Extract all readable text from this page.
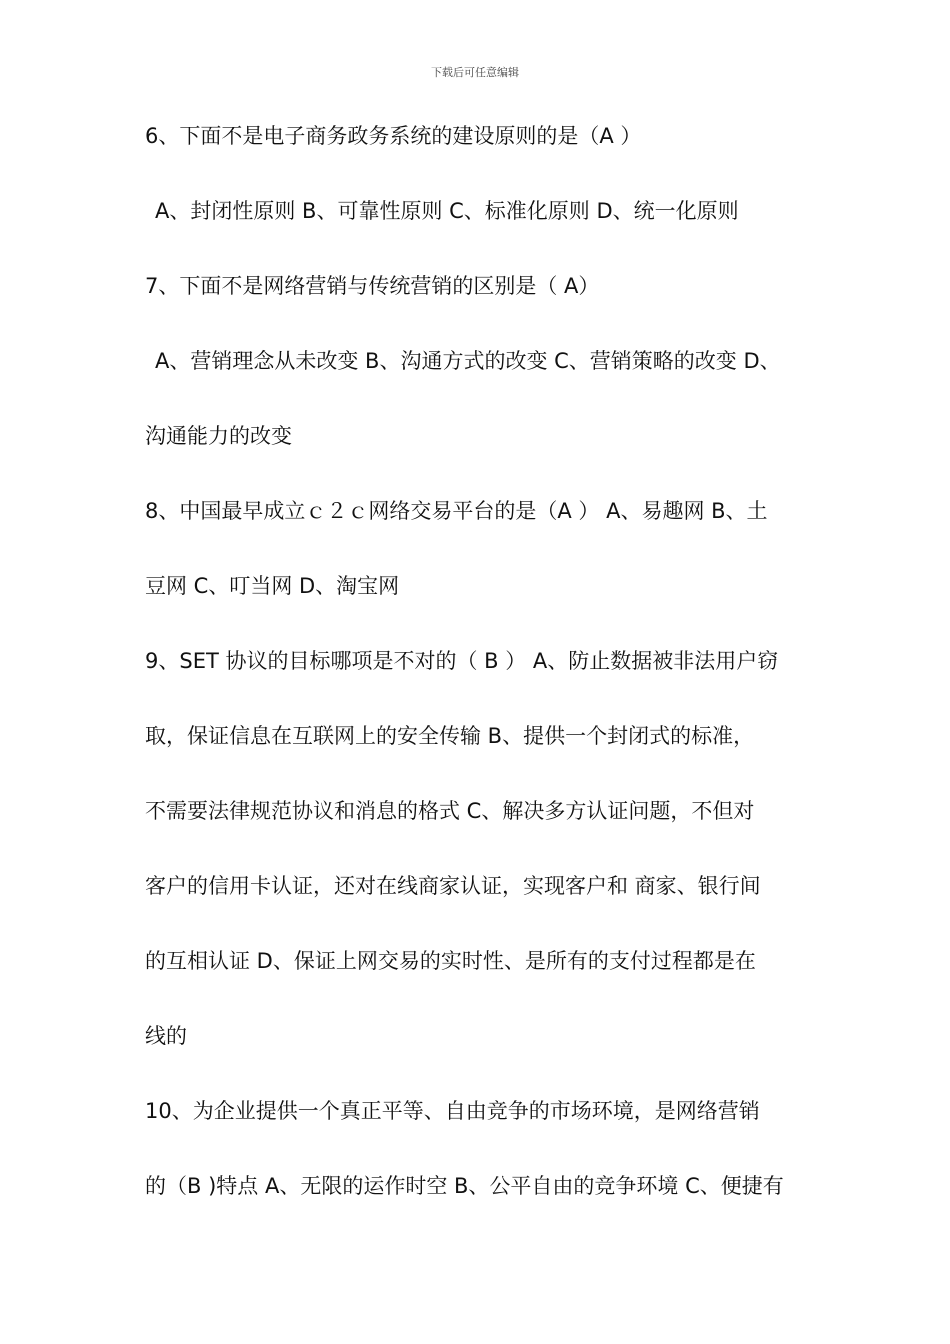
下载后可任意编辑
6、下面不是电子商务政务系统的建设原则的是（A ）
A、封闭性原则 B、可靠性原则 C、标准化原则 D、统一化原则
7、下面不是网络营销与传统营销的区别是（ A）
A、营销理念从未改变 B、沟通方式的改变 C、营销策略的改变 D、
沟通能力的改变
8、中国最早成立ｃ２ｃ网络交易平台的是（A ） A、易趣网 B、土
豆网 C、叮当网 D、淘宝网
9、SET 协议的目标哪项是不对的（ B ） A、防止数据被非法用户窃
取，保证信息在互联网上的安全传输 B、提供一个封闭式的标准，
不需要法律规范协议和消息的格式 C、解决多方认证问题，不但对
客户的信用卡认证，还对在线商家认证，实现客户和 商家、银行间
的互相认证 D、保证上网交易的实时性、是所有的支付过程都是在
线的
10、为企业提供一个真正平等、自由竞争的市场环境，是网络营销
的（B )特点 A、无限的运作时空 B、公平自由的竞争环境 C、便捷有
